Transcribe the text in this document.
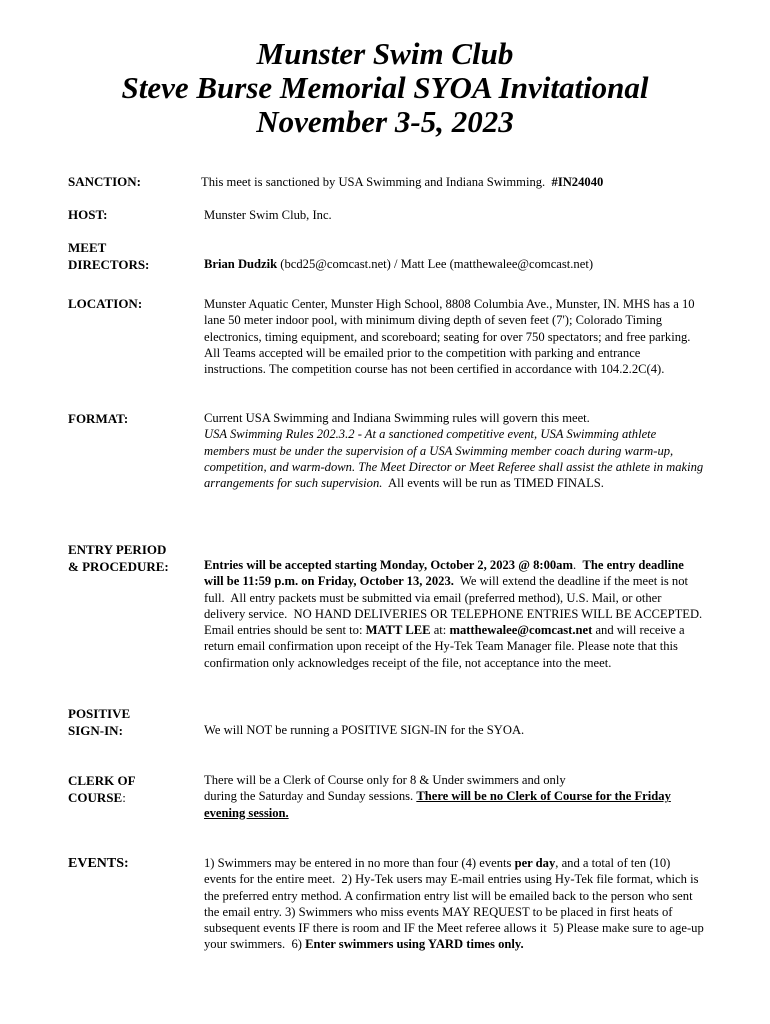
Munster Swim Club
Steve Burse Memorial SYOA Invitational
November 3-5, 2023
SANCTION:	This meet is sanctioned by USA Swimming and Indiana Swimming.  #IN24040
HOST:	Munster Swim Club, Inc.
MEET
DIRECTORS:	Brian Dudzik (bcd25@comcast.net) / Matt Lee (matthewalee@comcast.net)
LOCATION:	Munster Aquatic Center, Munster High School, 8808 Columbia Ave., Munster, IN. MHS has a 10 lane 50 meter indoor pool, with minimum diving depth of seven feet (7'); Colorado Timing electronics, timing equipment, and scoreboard; seating for over 750 spectators; and free parking. All Teams accepted will be emailed prior to the competition with parking and entrance instructions. The competition course has not been certified in accordance with 104.2.2C(4).
FORMAT:	Current USA Swimming and Indiana Swimming rules will govern this meet.
USA Swimming Rules 202.3.2 - At a sanctioned competitive event, USA Swimming athlete members must be under the supervision of a USA Swimming member coach during warm-up, competition, and warm-down. The Meet Director or Meet Referee shall assist the athlete in making arrangements for such supervision.  All events will be run as TIMED FINALS.
ENTRY PERIOD
& PROCEDURE:	Entries will be accepted starting Monday, October 2, 2023 @ 8:00am.  The entry deadline will be 11:59 p.m. on Friday, October 13, 2023.  We will extend the deadline if the meet is not full.  All entry packets must be submitted via email (preferred method), U.S. Mail, or other delivery service.  NO HAND DELIVERIES OR TELEPHONE ENTRIES WILL BE ACCEPTED.  Email entries should be sent to: MATT LEE at: matthewalee@comcast.net and will receive a return email confirmation upon receipt of the Hy-Tek Team Manager file. Please note that this confirmation only acknowledges receipt of the file, not acceptance into the meet.
POSITIVE
SIGN-IN:	We will NOT be running a POSITIVE SIGN-IN for the SYOA.
CLERK OF
COURSE:
There will be a Clerk of Course only for 8 & Under swimmers and only
during the Saturday and Sunday sessions. There will be no Clerk of Course for the Friday evening session.
EVENTS:	1) Swimmers may be entered in no more than four (4) events per day, and a total of ten (10) events for the entire meet.  2) Hy-Tek users may E-mail entries using Hy-Tek file format, which is the preferred entry method. A confirmation entry list will be emailed back to the person who sent the email entry. 3) Swimmers who miss events MAY REQUEST to be placed in first heats of subsequent events IF there is room and IF the Meet referee allows it  5) Please make sure to age-up your swimmers.  6) Enter swimmers using YARD times only.
